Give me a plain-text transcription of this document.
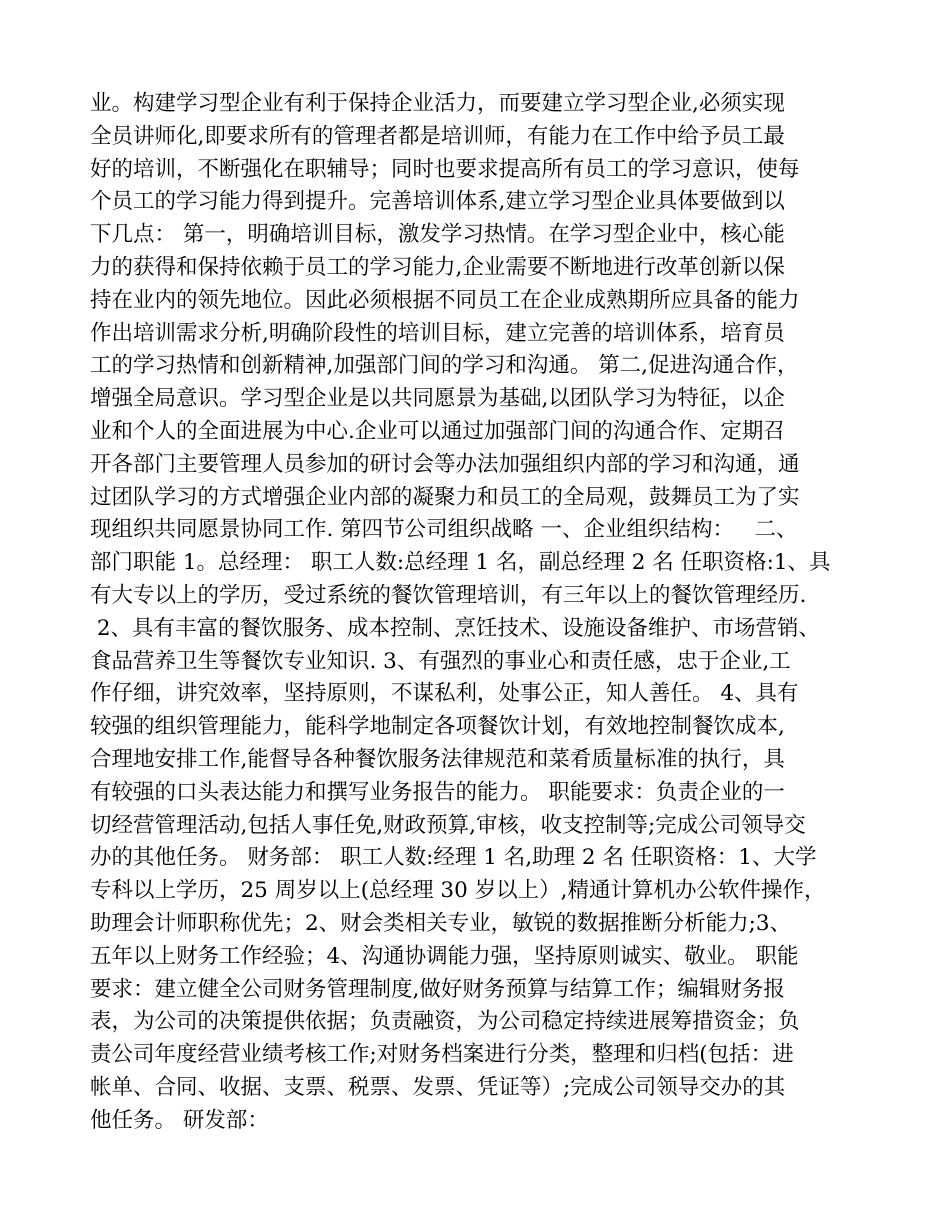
业。构建学习型企业有利于保持企业活力，而要建立学习型企业,必须实现
全员讲师化,即要求所有的管理者都是培训师，有能力在工作中给予员工最
好的培训，不断强化在职辅导；同时也要求提高所有员工的学习意识，使每
个员工的学习能力得到提升。完善培训体系,建立学习型企业具体要做到以
下几点： 第一，明确培训目标，激发学习热情。在学习型企业中，核心能
力的获得和保持依赖于员工的学习能力,企业需要不断地进行改革创新以保
持在业内的领先地位。因此必须根据不同员工在企业成熟期所应具备的能力
作出培训需求分析,明确阶段性的培训目标，建立完善的培训体系，培育员
工的学习热情和创新精神,加强部门间的学习和沟通。 第二,促进沟通合作，
增强全局意识。学习型企业是以共同愿景为基础,以团队学习为特征，以企
业和个人的全面进展为中心.企业可以通过加强部门间的沟通合作、定期召
开各部门主要管理人员参加的研讨会等办法加强组织内部的学习和沟通，通
过团队学习的方式增强企业内部的凝聚力和员工的全局观，鼓舞员工为了实
现组织共同愿景协同工作. 第四节公司组织战略 一、企业组织结构：   二、
部门职能 1。总经理： 职工人数:总经理 1 名，副总经理 2 名 任职资格:1、具
有大专以上的学历，受过系统的餐饮管理培训，有三年以上的餐饮管理经历.
2、具有丰富的餐饮服务、成本控制、烹饪技术、设施设备维护、市场营销、
食品营养卫生等餐饮专业知识. 3、有强烈的事业心和责任感，忠于企业,工
作仔细，讲究效率，坚持原则，不谋私利，处事公正，知人善任。 4、具有
较强的组织管理能力，能科学地制定各项餐饮计划，有效地控制餐饮成本,
合理地安排工作,能督导各种餐饮服务法律规范和菜肴质量标准的执行，具
有较强的口头表达能力和撰写业务报告的能力。 职能要求：负责企业的一
切经营管理活动,包括人事任免,财政预算,审核，收支控制等;完成公司领导交
办的其他任务。 财务部： 职工人数:经理 1 名,助理 2 名 任职资格：1、大学
专科以上学历，25 周岁以上(总经理 30 岁以上）,精通计算机办公软件操作，
助理会计师职称优先；2、财会类相关专业，敏锐的数据推断分析能力;3、
五年以上财务工作经验；4、沟通协调能力强，坚持原则诚实、敬业。 职能
要求：建立健全公司财务管理制度,做好财务预算与结算工作；编辑财务报
表，为公司的决策提供依据；负责融资，为公司稳定持续进展筹措资金；负
责公司年度经营业绩考核工作;对财务档案进行分类，整理和归档(包括：进
帐单、合同、收据、支票、税票、发票、凭证等）;完成公司领导交办的其
他任务。 研发部：
